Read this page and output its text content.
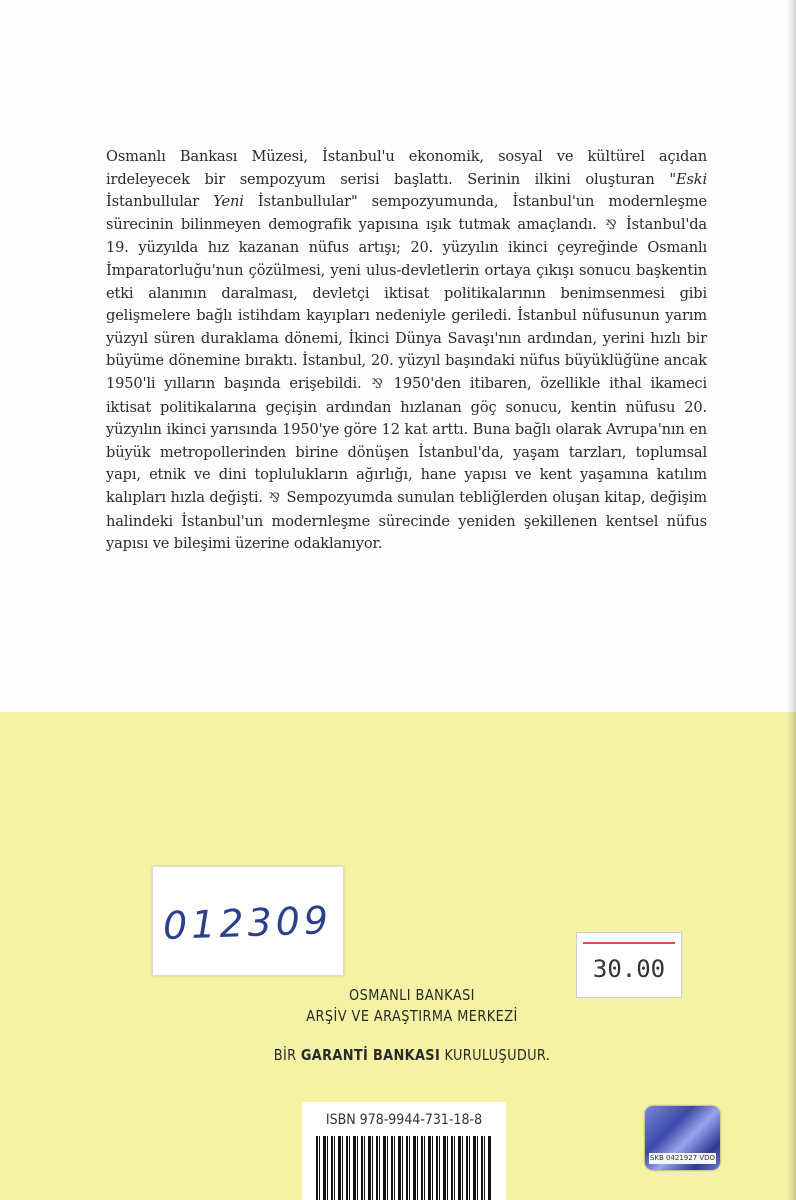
Osmanlı Bankası Müzesi, İstanbul'u ekonomik, sosyal ve kültürel açıdan irdeleyecek bir sempozyum serisi başlattı. Serinin ilkini oluşturan "Eski İstanbullular Yeni İstanbullular" sempozyumunda, İstanbul'un modernleşme sürecinin bilinmeyen demografik yapısına ışık tutmak amaçlandı. ⅋ İstanbul'da 19. yüzyılda hız kazanan nüfus artışı; 20. yüzyılın ikinci çeyreğinde Osmanlı İmparatorluğu'nun çözülmesi, yeni ulus-devletlerin ortaya çıkışı sonucu başkentin etki alanının daralması, devletçi iktisat politikalarının benimsenmesi gibi gelişmelere bağlı istihdam kayıpları nedeniyle geriledi. İstanbul nüfusunun yarım yüzyıl süren duraklama dönemi, İkinci Dünya Savaşı'nın ardından, yerini hızlı bir büyüme dönemine bıraktı. İstanbul, 20. yüzyıl başındaki nüfus büyüklüğüne ancak 1950'li yılların başında erişebildi. ⅋ 1950'den itibaren, özellikle ithal ikameci iktisat politikalarına geçişin ardından hızlanan göç sonucu, kentin nüfusu 20. yüzyılın ikinci yarısında 1950'ye göre 12 kat arttı. Buna bağlı olarak Avrupa'nın en büyük metropollerinden birine dönüşen İstanbul'da, yaşam tarzları, toplumsal yapı, etnik ve dini toplulukların ağırlığı, hane yapısı ve kent yaşamına katılım kalıpları hızla değişti. ⅋ Sempozyumda sunulan tebliğlerden oluşan kitap, değişim halindeki İstanbul'un modernleşme sürecinde yeniden şekillenen kentsel nüfus yapısı ve bileşimi üzerine odaklanıyor.

012309
30.00
OSMANLI BANKASI
ARŞİV VE ARAŞTIRMA MERKEZİ
BİR GARANTİ BANKASI KURULUŞUDUR.
ISBN 978-9944-731-18-8
SKB 0421927 VDO
